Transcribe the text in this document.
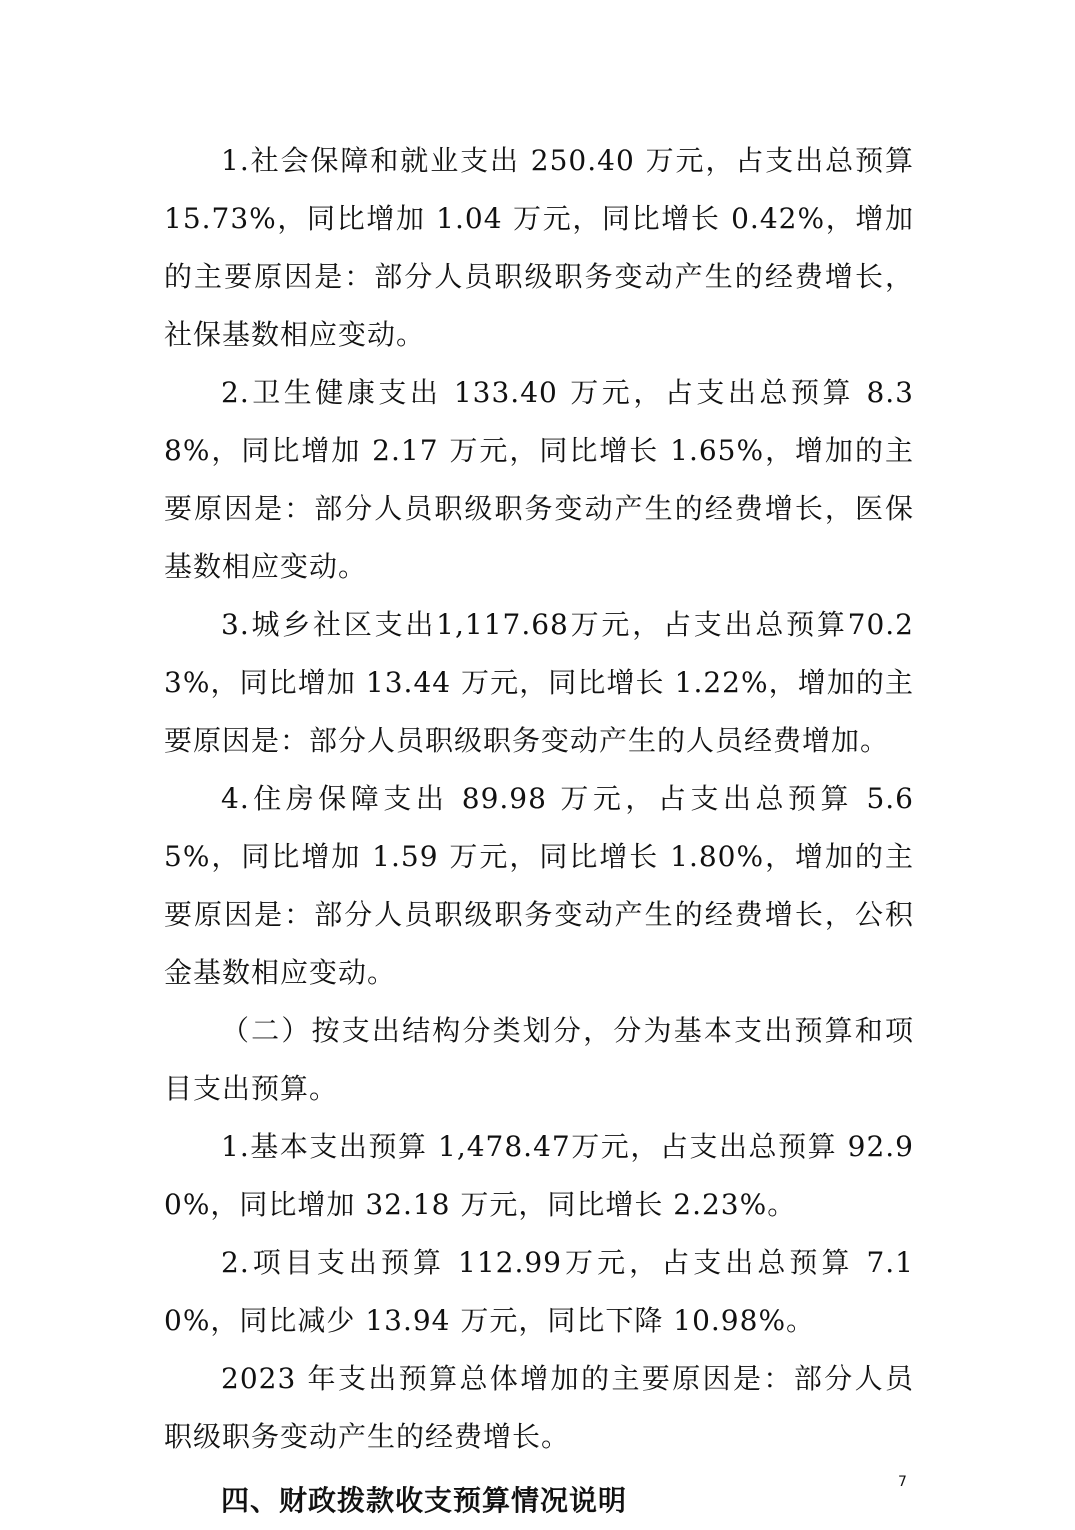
1.社会保障和就业支出 250.40 万元，占支出总预算15.73%，同比增加 1.04 万元，同比增长 0.42%，增加的主要原因是：部分人员职级职务变动产生的经费增长，社保基数相应变动。

2.卫生健康支出 133.40 万元，占支出总预算 8.38%，同比增加 2.17 万元，同比增长 1.65%，增加的主要原因是：部分人员职级职务变动产生的经费增长，医保基数相应变动。

3.城乡社区支出1,117.68万元，占支出总预算70.23%，同比增加 13.44 万元，同比增长 1.22%，增加的主要原因是：部分人员职级职务变动产生的人员经费增加。

4.住房保障支出 89.98 万元，占支出总预算 5.65%，同比增加 1.59 万元，同比增长 1.80%，增加的主要原因是：部分人员职级职务变动产生的经费增长，公积金基数相应变动。

（二）按支出结构分类划分，分为基本支出预算和项目支出预算。

1.基本支出预算 1,478.47万元，占支出总预算 92.90%，同比增加 32.18 万元，同比增长 2.23%。

2.项目支出预算 112.99万元，占支出总预算 7.10%，同比减少 13.94 万元，同比下降 10.98%。

2023 年支出预算总体增加的主要原因是：部分人员职级职务变动产生的经费增长。

四、财政拨款收支预算情况说明
7
